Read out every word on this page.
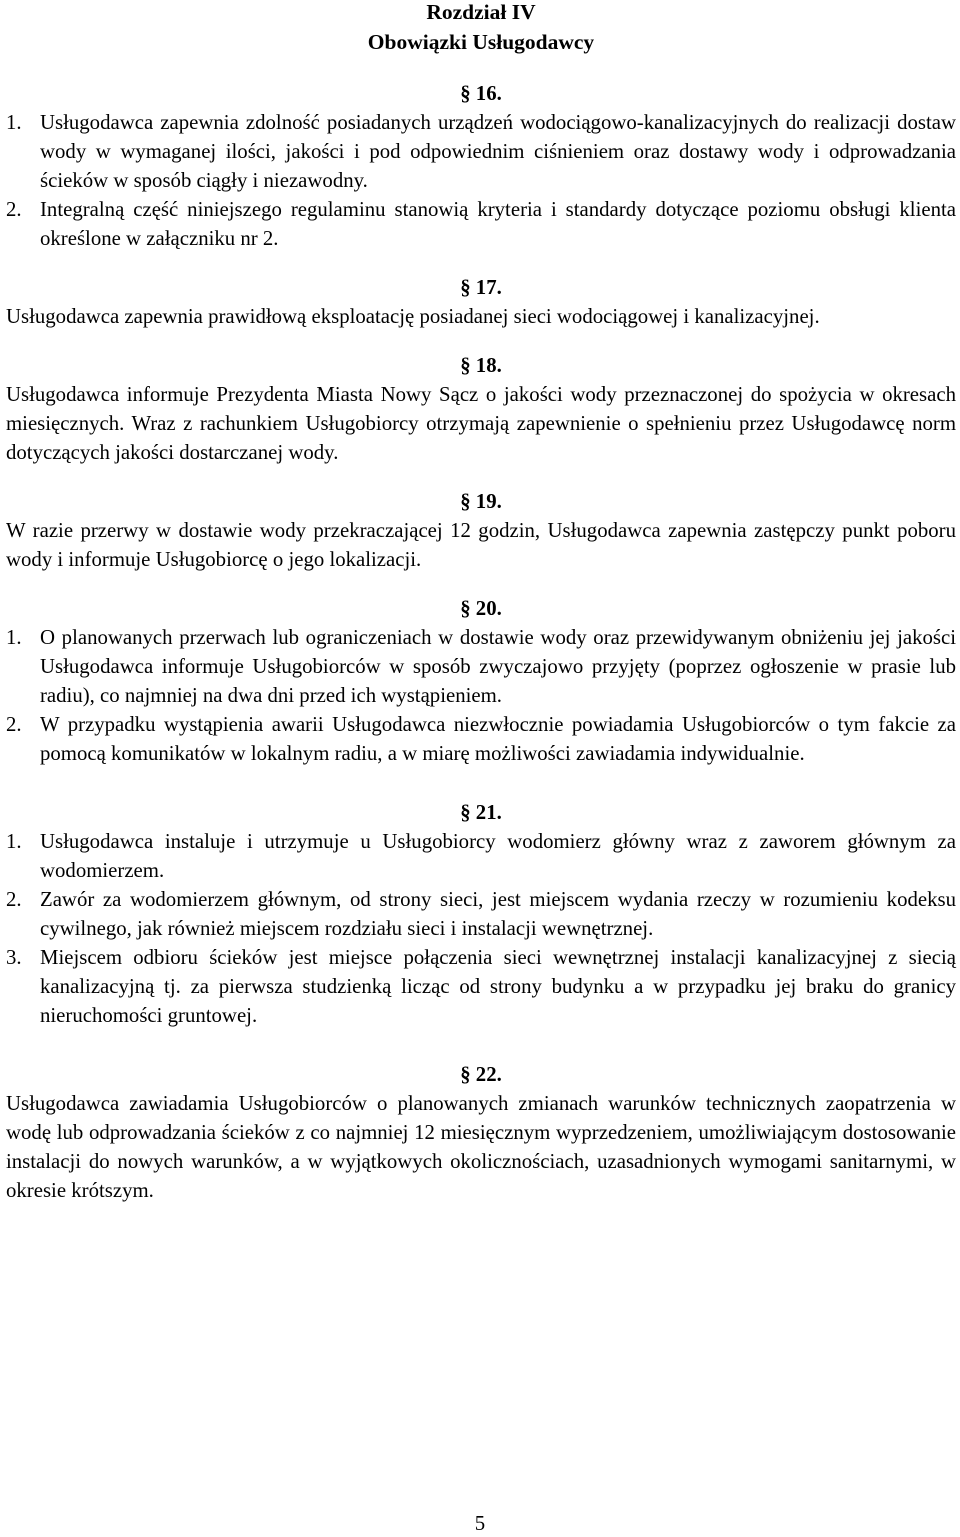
Rozdział IV
Obowiązki Usługodawcy
§ 16.
1. Usługodawca zapewnia zdolność posiadanych urządzeń wodociągowo-kanalizacyjnych do realizacji dostaw wody w wymaganej ilości, jakości i pod odpowiednim ciśnieniem oraz dostawy wody i odprowadzania ścieków w sposób ciągły i niezawodny.
2. Integralną część niniejszego regulaminu stanowią kryteria i standardy dotyczące poziomu obsługi klienta określone w załączniku nr 2.
§ 17.
Usługodawca zapewnia prawidłową eksploatację posiadanej sieci wodociągowej i kanalizacyjnej.
§ 18.
Usługodawca informuje Prezydenta Miasta Nowy Sącz o jakości wody przeznaczonej do spożycia w okresach miesięcznych. Wraz z rachunkiem Usługobiorcy otrzymają zapewnienie o spełnieniu przez Usługodawcę norm dotyczących jakości dostarczanej wody.
§ 19.
W razie przerwy w dostawie wody przekraczającej 12 godzin, Usługodawca zapewnia zastępczy punkt poboru wody i informuje Usługobiorcę o jego lokalizacji.
§ 20.
1. O planowanych przerwach lub ograniczeniach w dostawie wody oraz przewidywanym obniżeniu jej jakości Usługodawca informuje Usługobiorców w sposób zwyczajowo przyjęty (poprzez ogłoszenie w prasie lub radiu), co najmniej na dwa dni przed ich wystąpieniem.
2. W przypadku wystąpienia awarii Usługodawca niezwłocznie powiadamia Usługobiorców o tym fakcie za pomocą komunikatów w lokalnym radiu, a w miarę możliwości zawiadamia indywidualnie.
§ 21.
1. Usługodawca instaluje i utrzymuje u Usługobiorcy wodomierz główny wraz z zaworem głównym za wodomierzem.
2. Zawór za wodomierzem głównym, od strony sieci, jest miejscem wydania rzeczy w rozumieniu kodeksu cywilnego, jak również miejscem rozdziału sieci i instalacji wewnętrznej.
3. Miejscem odbioru ścieków jest miejsce połączenia sieci wewnętrznej instalacji kanalizacyjnej z siecią kanalizacyjną tj. za pierwsza studzienką licząc od strony budynku a w przypadku jej braku do granicy nieruchomości gruntowej.
§ 22.
Usługodawca zawiadamia Usługobiorców o planowanych zmianach warunków technicznych zaopatrzenia w wodę lub odprowadzania ścieków z co najmniej 12 miesięcznym wyprzedzeniem, umożliwiającym dostosowanie instalacji do nowych warunków, a w wyjątkowych okolicznościach, uzasadnionych wymogami sanitarnymi, w okresie krótszym.
5
